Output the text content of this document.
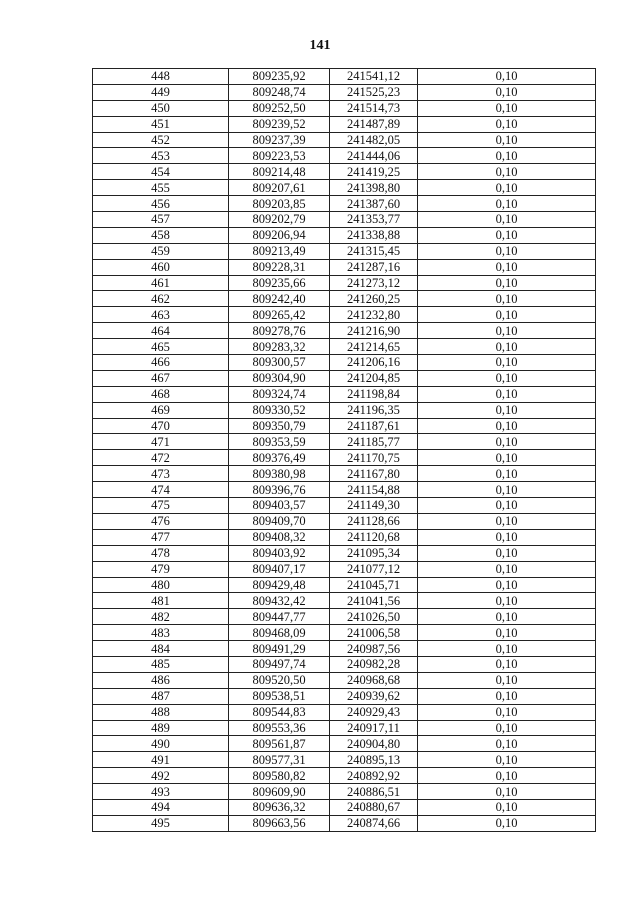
141
448	809235,92	241541,12	0,10
449	809248,74	241525,23	0,10
450	809252,50	241514,73	0,10
451	809239,52	241487,89	0,10
452	809237,39	241482,05	0,10
453	809223,53	241444,06	0,10
454	809214,48	241419,25	0,10
455	809207,61	241398,80	0,10
456	809203,85	241387,60	0,10
457	809202,79	241353,77	0,10
458	809206,94	241338,88	0,10
459	809213,49	241315,45	0,10
460	809228,31	241287,16	0,10
461	809235,66	241273,12	0,10
462	809242,40	241260,25	0,10
463	809265,42	241232,80	0,10
464	809278,76	241216,90	0,10
465	809283,32	241214,65	0,10
466	809300,57	241206,16	0,10
467	809304,90	241204,85	0,10
468	809324,74	241198,84	0,10
469	809330,52	241196,35	0,10
470	809350,79	241187,61	0,10
471	809353,59	241185,77	0,10
472	809376,49	241170,75	0,10
473	809380,98	241167,80	0,10
474	809396,76	241154,88	0,10
475	809403,57	241149,30	0,10
476	809409,70	241128,66	0,10
477	809408,32	241120,68	0,10
478	809403,92	241095,34	0,10
479	809407,17	241077,12	0,10
480	809429,48	241045,71	0,10
481	809432,42	241041,56	0,10
482	809447,77	241026,50	0,10
483	809468,09	241006,58	0,10
484	809491,29	240987,56	0,10
485	809497,74	240982,28	0,10
486	809520,50	240968,68	0,10
487	809538,51	240939,62	0,10
488	809544,83	240929,43	0,10
489	809553,36	240917,11	0,10
490	809561,87	240904,80	0,10
491	809577,31	240895,13	0,10
492	809580,82	240892,92	0,10
493	809609,90	240886,51	0,10
494	809636,32	240880,67	0,10
495	809663,56	240874,66	0,10
